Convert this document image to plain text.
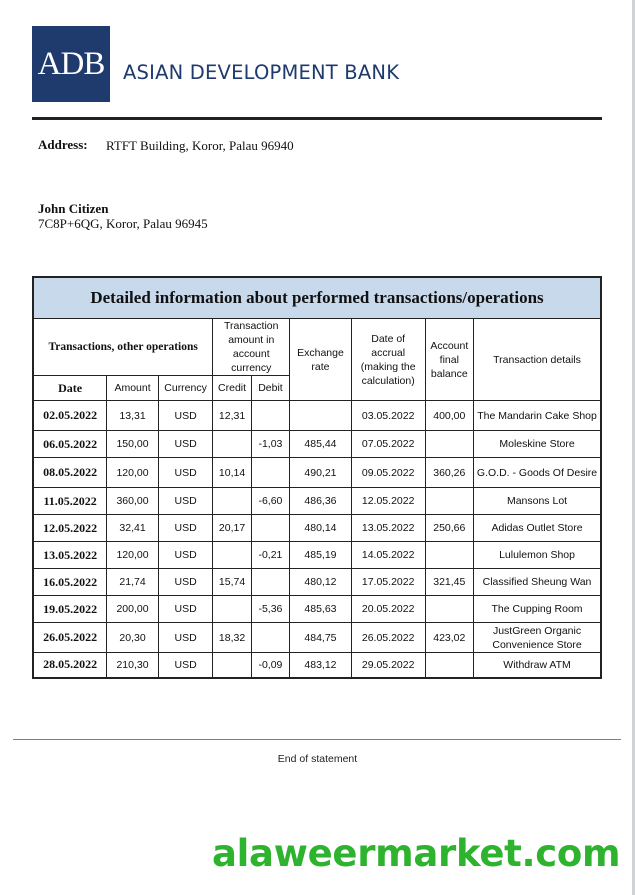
ADB ASIAN DEVELOPMENT BANK
Address: RTFT Building, Koror, Palau 96940
John Citizen
7C8P+6QG, Koror, Palau 96945
Detailed information about performed transactions/operations								
Transactions, other operations			Transaction amount in account currency		Exchange rate	Date of accrual (making the calculation)	Account final balance	Transaction details
Date	Amount	Currency	Credit	Debit				
02.05.2022	13,31	USD	12,31			03.05.2022	400,00	The Mandarin Cake Shop
06.05.2022	150,00	USD		-1,03	485,44	07.05.2022		Moleskine Store
08.05.2022	120,00	USD	10,14		490,21	09.05.2022	360,26	G.O.D. - Goods Of Desire
11.05.2022	360,00	USD		-6,60	486,36	12.05.2022		Mansons Lot
12.05.2022	32,41	USD	20,17		480,14	13.05.2022	250,66	Adidas Outlet Store
13.05.2022	120,00	USD		-0,21	485,19	14.05.2022		Lululemon Shop
16.05.2022	21,74	USD	15,74		480,12	17.05.2022	321,45	Classified Sheung Wan
19.05.2022	200,00	USD		-5,36	485,63	20.05.2022		The Cupping Room
26.05.2022	20,30	USD	18,32		484,75	26.05.2022	423,02	JustGreen Organic Convenience Store
28.05.2022	210,30	USD		-0,09	483,12	29.05.2022		Withdraw ATM
End of statement
alaweermarket.com
